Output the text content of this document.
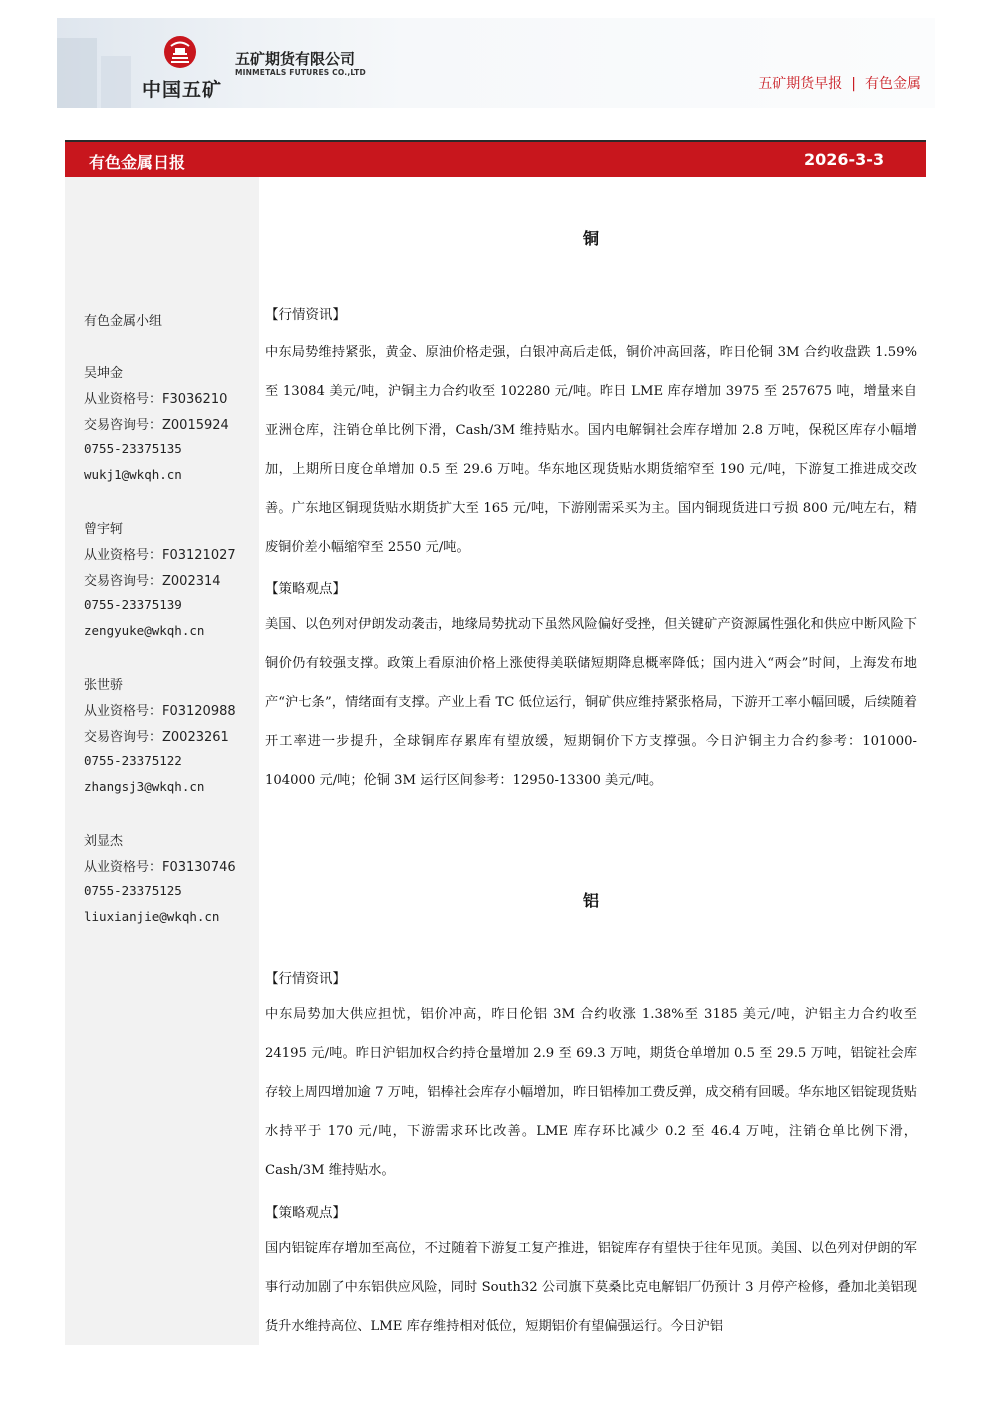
中国五矿
五矿期货有限公司
MINMETALS FUTURES CO.,LTD
五矿期货早报 | 有色金属
有色金属日报	2026-3-3
有色金属小组
吴坤金
从业资格号：F3036210
交易咨询号：Z0015924
0755-23375135
wukj1@wkqh.cn
曾宇轲
从业资格号：F03121027
交易咨询号：Z002314
0755-23375139
zengyuke@wkqh.cn
张世骄
从业资格号：F03120988
交易咨询号：Z0023261
0755-23375122
zhangsj3@wkqh.cn
刘显杰
从业资格号：F03130746
0755-23375125
liuxianjie@wkqh.cn
铜
【行情资讯】
中东局势维持紧张，黄金、原油价格走强，白银冲高后走低，铜价冲高回落，昨日伦铜 3M 合约收盘跌 1.59%至 13084 美元/吨，沪铜主力合约收至 102280 元/吨。昨日 LME 库存增加 3975 至 257675 吨，增量来自亚洲仓库，注销仓单比例下滑，Cash/3M 维持贴水。国内电解铜社会库存增加 2.8 万吨，保税区库存小幅增加，上期所日度仓单增加 0.5 至 29.6 万吨。华东地区现货贴水期货缩窄至 190 元/吨，下游复工推进成交改善。广东地区铜现货贴水期货扩大至 165 元/吨，下游刚需采买为主。国内铜现货进口亏损 800 元/吨左右，精废铜价差小幅缩窄至 2550 元/吨。
【策略观点】
美国、以色列对伊朗发动袭击，地缘局势扰动下虽然风险偏好受挫，但关键矿产资源属性强化和供应中断风险下铜价仍有较强支撑。政策上看原油价格上涨使得美联储短期降息概率降低；国内进入“两会”时间，上海发布地产“沪七条”，情绪面有支撑。产业上看 TC 低位运行，铜矿供应维持紧张格局，下游开工率小幅回暖，后续随着开工率进一步提升，全球铜库存累库有望放缓，短期铜价下方支撑强。今日沪铜主力合约参考：101000-104000 元/吨；伦铜 3M 运行区间参考：12950-13300 美元/吨。
铝
【行情资讯】
中东局势加大供应担忧，铝价冲高，昨日伦铝 3M 合约收涨 1.38%至 3185 美元/吨，沪铝主力合约收至 24195 元/吨。昨日沪铝加权合约持仓量增加 2.9 至 69.3 万吨，期货仓单增加 0.5 至 29.5 万吨，铝锭社会库存较上周四增加逾 7 万吨，铝棒社会库存小幅增加，昨日铝棒加工费反弹，成交稍有回暖。华东地区铝锭现货贴水持平于 170 元/吨，下游需求环比改善。LME 库存环比减少 0.2 至 46.4 万吨，注销仓单比例下滑，Cash/3M 维持贴水。
【策略观点】
国内铝锭库存增加至高位，不过随着下游复工复产推进，铝锭库存有望快于往年见顶。美国、以色列对伊朗的军事行动加剧了中东铝供应风险，同时 South32 公司旗下莫桑比克电解铝厂仍预计 3 月停产检修，叠加北美铝现货升水维持高位、LME 库存维持相对低位，短期铝价有望偏强运行。今日沪铝
